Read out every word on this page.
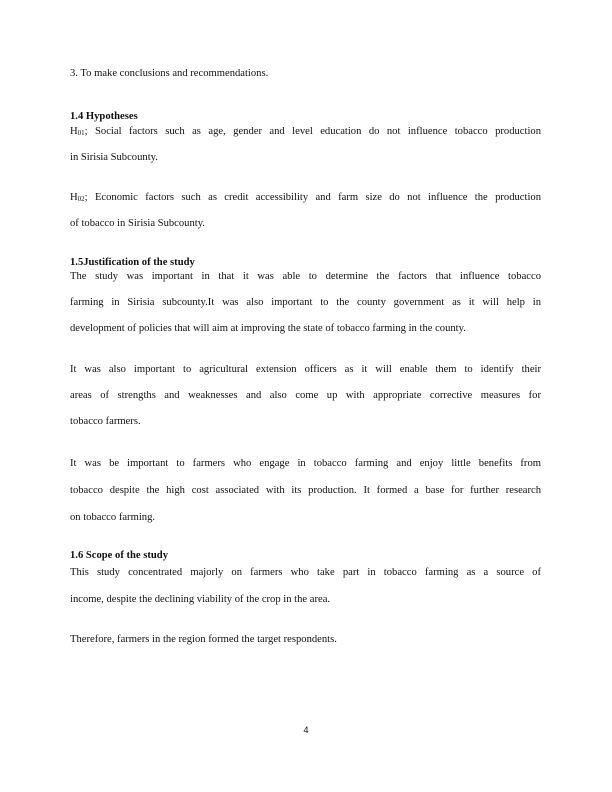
3. To make conclusions and recommendations.
1.4 Hypotheses
$H_{01}$; Social factors such as age, gender and level education do not influence tobacco production
in Sirisia Subcounty.
$H_{02}$; Economic factors such as credit accessibility and farm size do not influence the production
of tobacco in Sirisia Subcounty.
1.5Justification of the study
The study was important in that it was able to determine the factors that influence tobacco
farming in Sirisia subcounty.It was also important to the county government as it will help in
development of policies that will aim at improving the state of tobacco farming in the county.
It was also important to agricultural extension officers as it will enable them to identify their
areas of strengths and weaknesses and also come up with appropriate corrective measures for
tobacco farmers.
It was be important to farmers who engage in tobacco farming and enjoy little benefits from
tobacco despite the high cost associated with its production. It formed a base for further research
on tobacco farming.
1.6 Scope of the study
This study concentrated majorly on farmers who take part in tobacco farming as a source of
income, despite the declining viability of the crop in the area.
Therefore, farmers in the region formed the target respondents.
4
